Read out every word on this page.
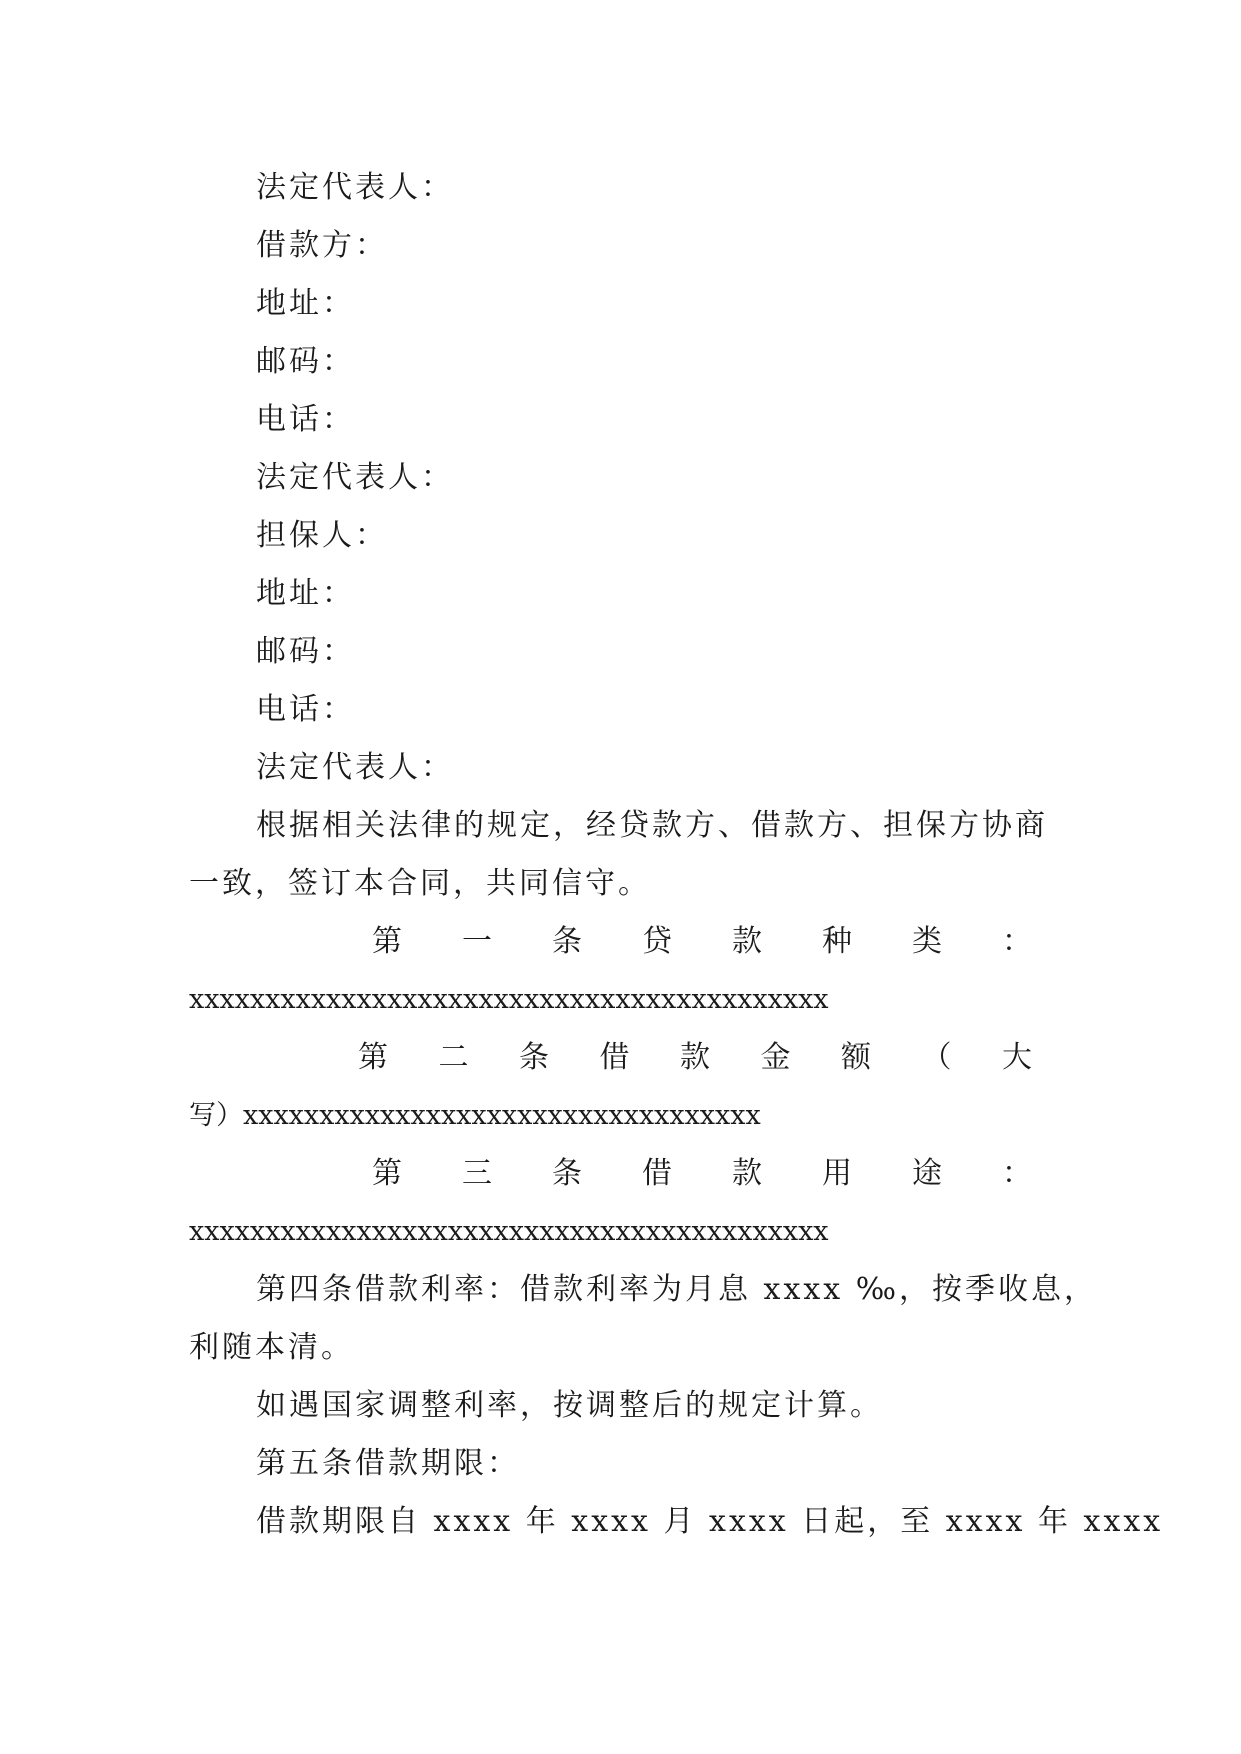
法定代表人：
借款方：
地址：
邮码：
电话：
法定代表人：
担保人：
地址：
邮码：
电话：
法定代表人：
根据相关法律的规定，经贷款方、借款方、担保方协商
一致，签订本合同，共同信守。
第 一 条 贷 款 种 类 ：
xxxxxxxxxxxxxxxxxxxxxxxxxxxxxxxxxxxxxxxxxx
第 二 条 借 款 金 额 （ 大
写）xxxxxxxxxxxxxxxxxxxxxxxxxxxxxxxxxx
第 三 条 借 款 用 途 ：
xxxxxxxxxxxxxxxxxxxxxxxxxxxxxxxxxxxxxxxxxx
第四条借款利率：借款利率为月息 xxxx ‰，按季收息，
利随本清。
如遇国家调整利率，按调整后的规定计算。
第五条借款期限：
借款期限自 xxxx 年 xxxx 月 xxxx 日起，至 xxxx 年 xxxx
